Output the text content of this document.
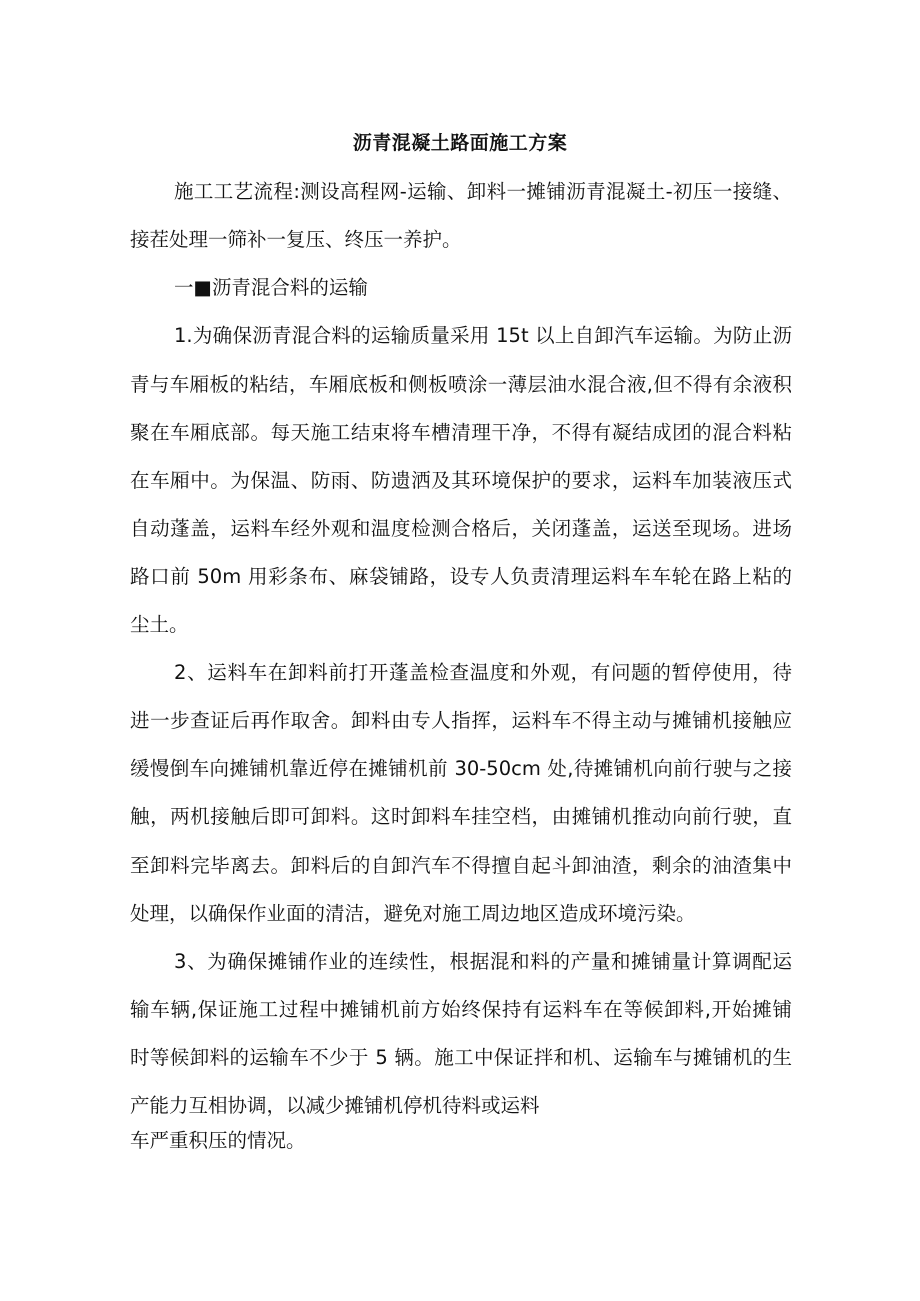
沥青混凝土路面施工方案
施工工艺流程:测设高程网-运输、卸料一摊铺沥青混凝土-初压一接缝、
接茬处理一筛补一复压、终压一养护。
一■沥青混合料的运输
1.为确保沥青混合料的运输质量采用 15t 以上自卸汽车运输。为防止沥
青与车厢板的粘结，车厢底板和侧板喷涂一薄层油水混合液,但不得有余液积
聚在车厢底部。每天施工结束将车槽清理干净，不得有凝结成团的混合料粘
在车厢中。为保温、防雨、防遗洒及其环境保护的要求，运料车加装液压式
自动蓬盖，运料车经外观和温度检测合格后，关闭蓬盖，运送至现场。进场
路口前 50m 用彩条布、麻袋铺路，设专人负责清理运料车车轮在路上粘的
尘土。
2、运料车在卸料前打开蓬盖检查温度和外观，有问题的暂停使用，待
进一步查证后再作取舍。卸料由专人指挥，运料车不得主动与摊铺机接触应
缓慢倒车向摊铺机靠近停在摊铺机前 30-50cm 处,待摊铺机向前行驶与之接
触，两机接触后即可卸料。这时卸料车挂空档，由摊铺机推动向前行驶，直
至卸料完毕离去。卸料后的自卸汽车不得擅自起斗卸油渣，剩余的油渣集中
处理，以确保作业面的清洁，避免对施工周边地区造成环境污染。
3、为确保摊铺作业的连续性，根据混和料的产量和摊铺量计算调配运
输车辆,保证施工过程中摊铺机前方始终保持有运料车在等候卸料,开始摊铺
时等候卸料的运输车不少于 5 辆。施工中保证拌和机、运输车与摊铺机的生
产能力互相协调，以减少摊铺机停机待料或运料
车严重积压的情况。
